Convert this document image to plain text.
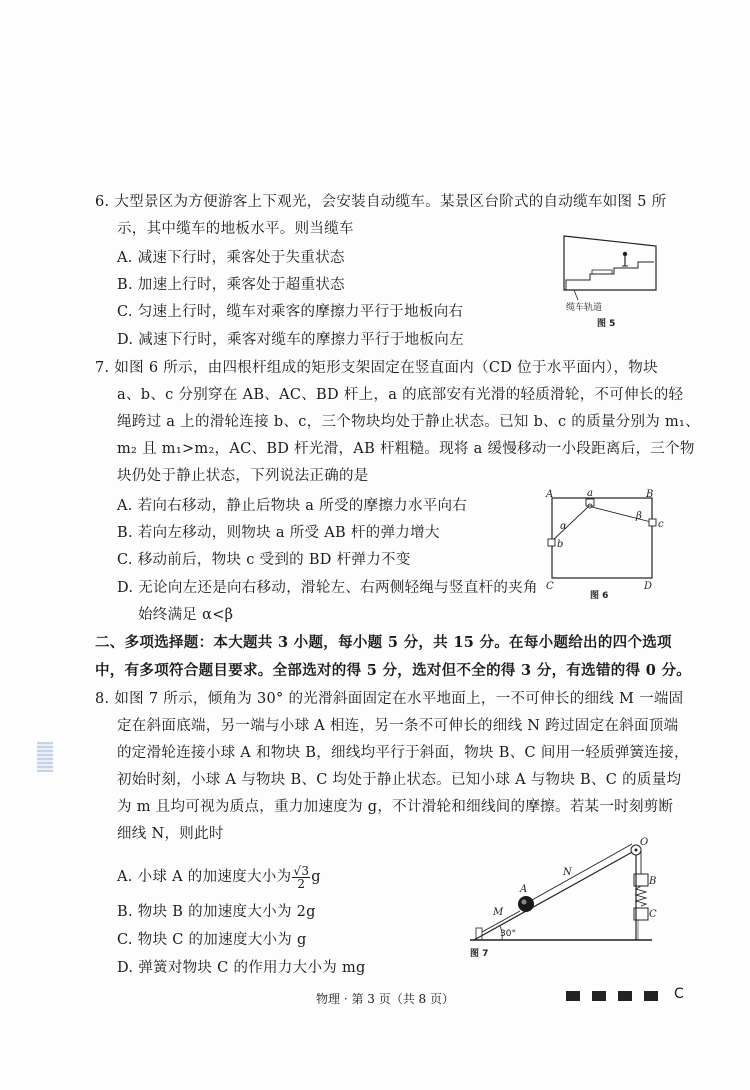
6. 大型景区为方便游客上下观光，会安装自动缆车。某景区台阶式的自动缆车如图 5 所
示，其中缆车的地板水平。则当缆车
A. 减速下行时，乘客处于失重状态
B. 加速上行时，乘客处于超重状态
C. 匀速上行时，缆车对乘客的摩擦力平行于地板向右
D. 减速下行时，乘客对缆车的摩擦力平行于地板向左
缆车轨道
图 5
7. 如图 6 所示，由四根杆组成的矩形支架固定在竖直面内（CD 位于水平面内），物块
a、b、c 分别穿在 AB、AC、BD 杆上，a 的底部安有光滑的轻质滑轮，不可伸长的轻
绳跨过 a 上的滑轮连接 b、c，三个物块均处于静止状态。已知 b、c 的质量分别为 m₁、
m₂ 且 m₁>m₂，AC、BD 杆光滑，AB 杆粗糙。现将 a 缓慢移动一小段距离后，三个物
块仍处于静止状态，下列说法正确的是
A. 若向右移动，静止后物块 a 所受的摩擦力水平向右
B. 若向左移动，则物块 a 所受 AB 杆的弹力增大
C. 移动前后，物块 c 受到的 BD 杆弹力不变
D. 无论向左还是向右移动，滑轮左、右两侧轻绳与竖直杆的夹角
始终满足 α<β
A	B
C	D
a
b
c
α
β
图 6
二、多项选择题：本大题共 3 小题，每小题 5 分，共 15 分。在每小题给出的四个选项
中，有多项符合题目要求。全部选对的得 5 分，选对但不全的得 3 分，有选错的得 0 分。
8. 如图 7 所示，倾角为 30° 的光滑斜面固定在水平地面上，一不可伸长的细线 M 一端固
定在斜面底端，另一端与小球 A 相连，另一条不可伸长的细线 N 跨过固定在斜面顶端
的定滑轮连接小球 A 和物块 B，细线均平行于斜面，物块 B、C 间用一轻质弹簧连接，
初始时刻，小球 A 与物块 B、C 均处于静止状态。已知小球 A 与物块 B、C 的质量均
为 m 且均可视为质点，重力加速度为 g，不计滑轮和细线间的摩擦。若某一时刻剪断
细线 N，则此时
A. 小球 A 的加速度大小为 $\frac{√3}{2}$ g
B. 物块 B 的加速度大小为 2g
C. 物块 C 的加速度大小为 g
D. 弹簧对物块 C 的作用力大小为 mg
O
N
A
M
B
C
30°
图 7
物理 · 第 3 页（共 8 页）	C
